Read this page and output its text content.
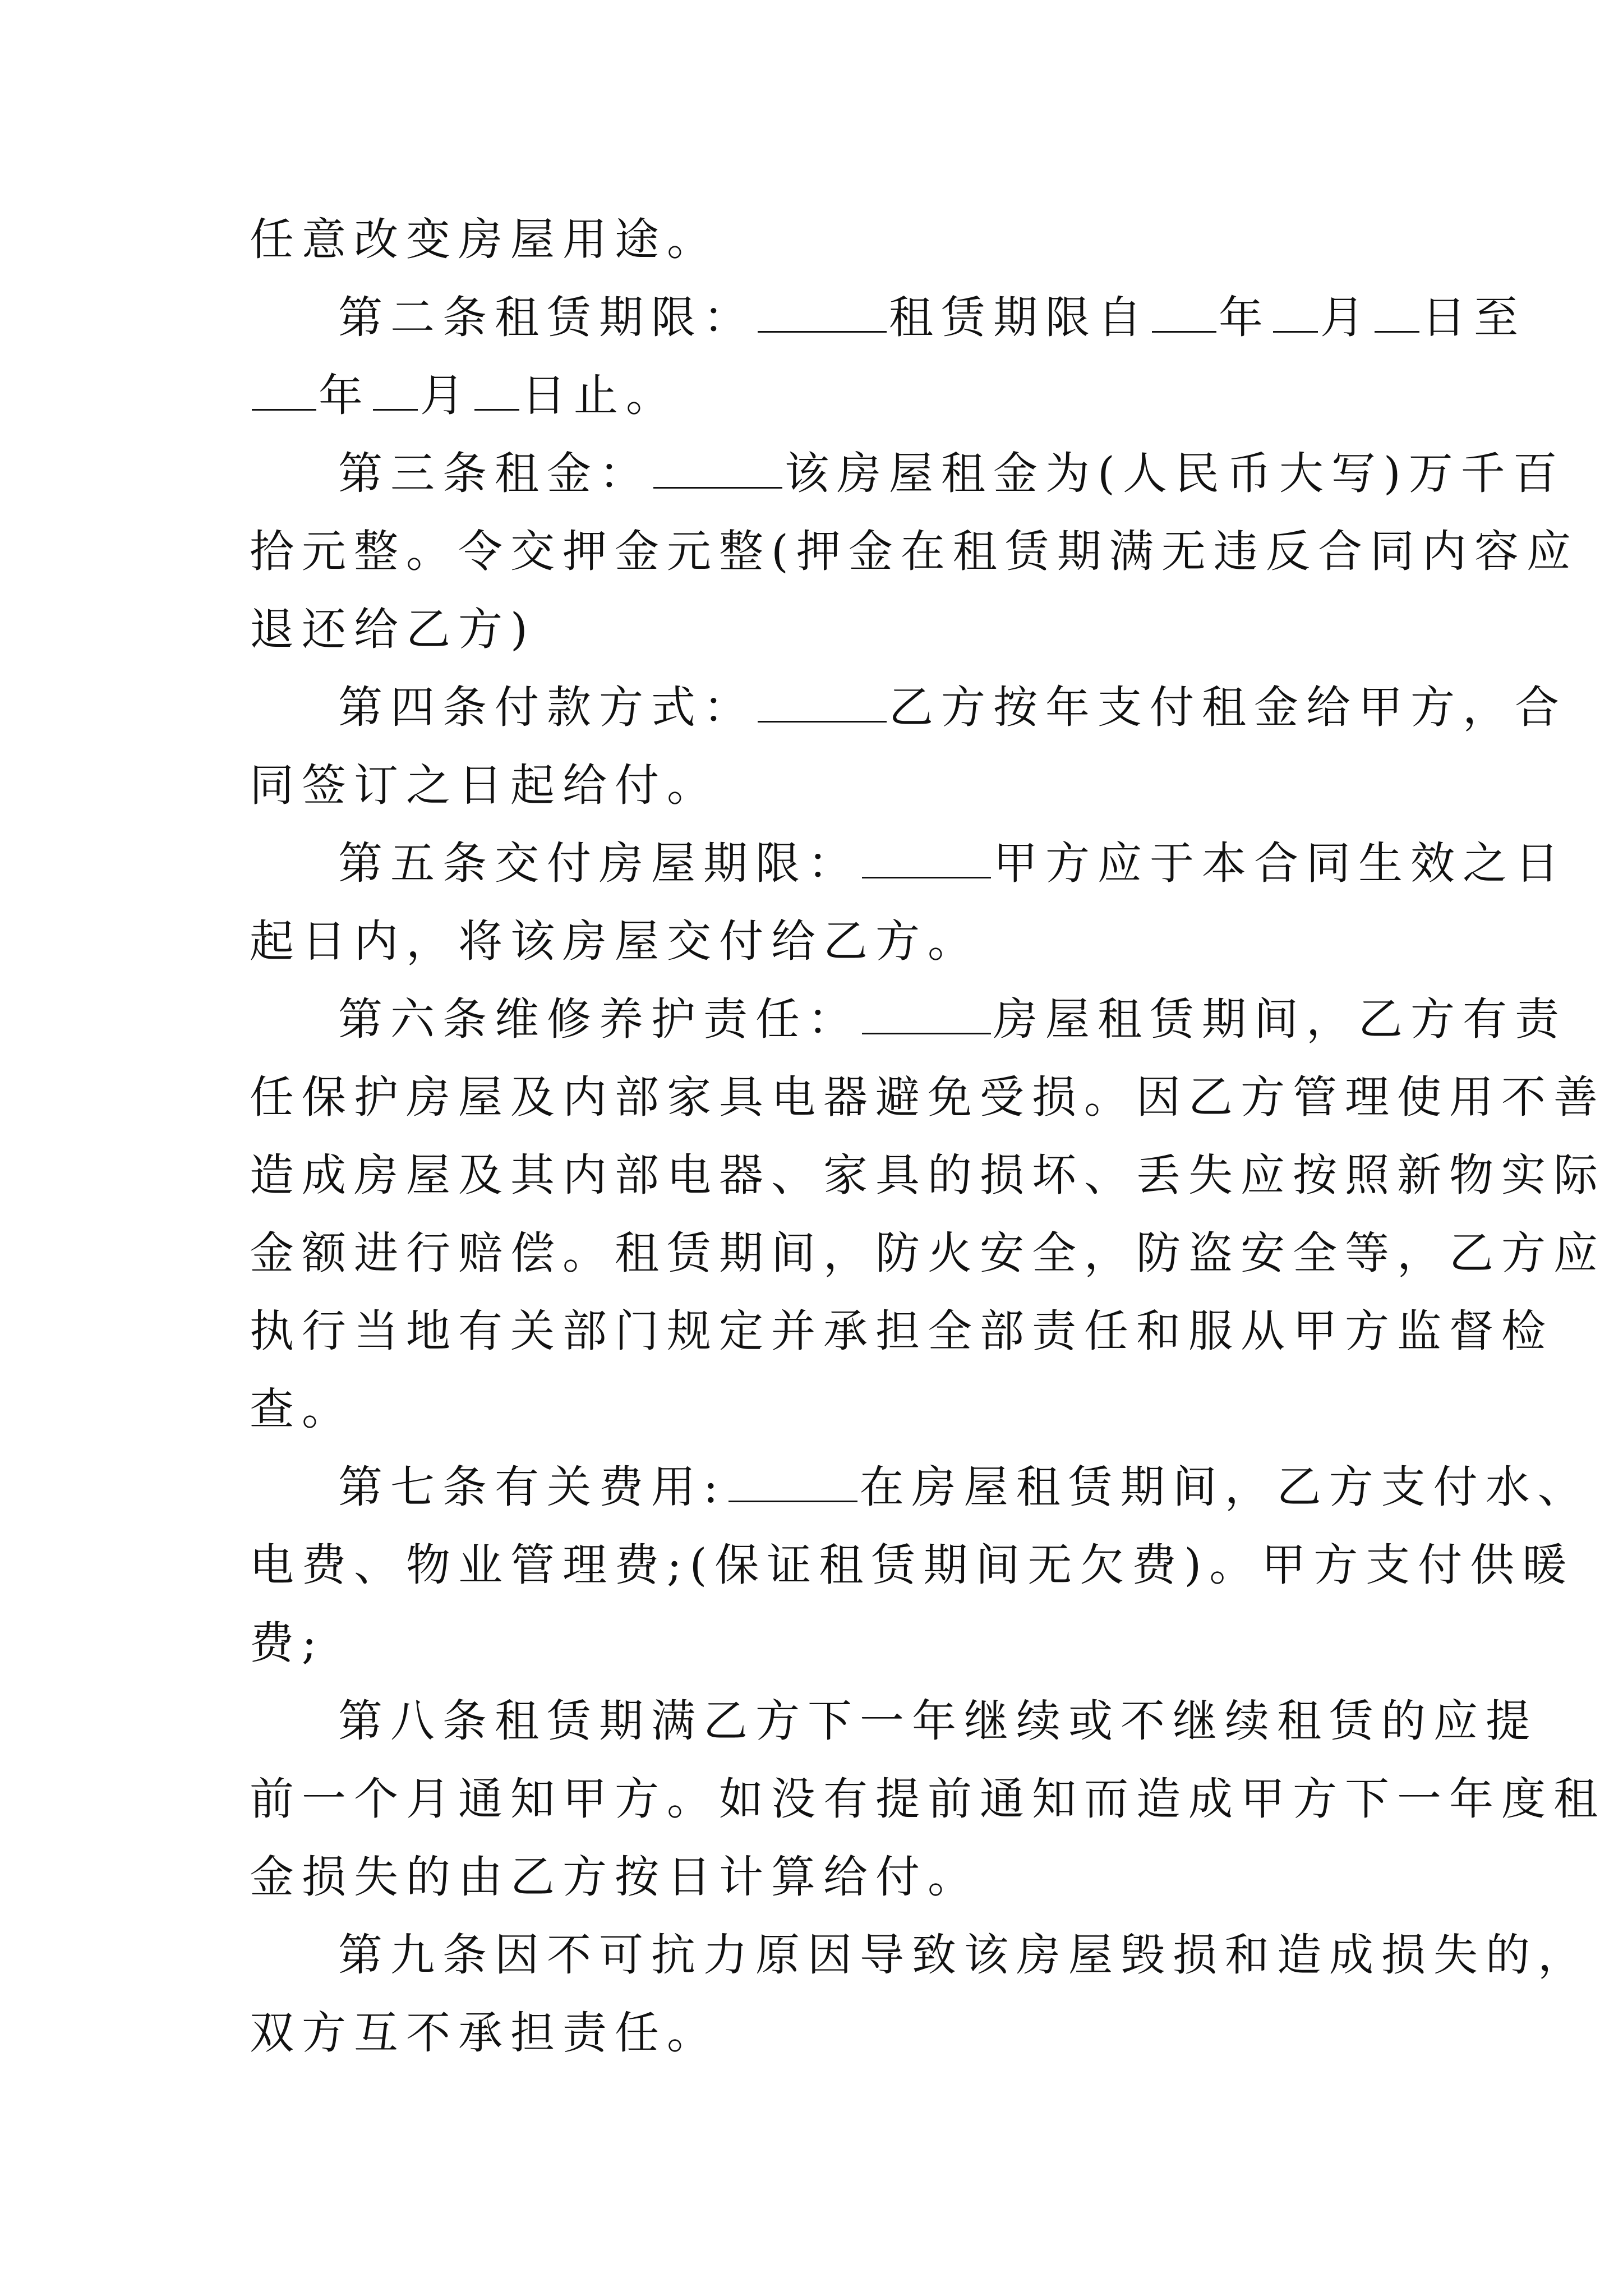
任意改变房屋用途。
第二条租赁期限：	租赁期限自 年 月 日至
年 月 日止。
第三条租金：	该房屋租金为(人民币大写)万千百
拾元整。令交押金元整(押金在租赁期满无违反合同内容应
退还给乙方)
第四条付款方式：	乙方按年支付租金给甲方，合
同签订之日起给付。
第五条交付房屋期限：	甲方应于本合同生效之日
起日内，将该房屋交付给乙方。
第六条维修养护责任：	房屋租赁期间，乙方有责
任保护房屋及内部家具电器避免受损。因乙方管理使用不善
造成房屋及其内部电器、家具的损坏、丢失应按照新物实际
金额进行赔偿。租赁期间，防火安全，防盗安全等，乙方应
执行当地有关部门规定并承担全部责任和服从甲方监督检
查。
第七条有关费用:	在房屋租赁期间，乙方支付水、
电费、物业管理费;(保证租赁期间无欠费)。甲方支付供暖
费;
第八条租赁期满乙方下一年继续或不继续租赁的应提
前一个月通知甲方。如没有提前通知而造成甲方下一年度租
金损失的由乙方按日计算给付。
第九条因不可抗力原因导致该房屋毁损和造成损失的，
双方互不承担责任。
